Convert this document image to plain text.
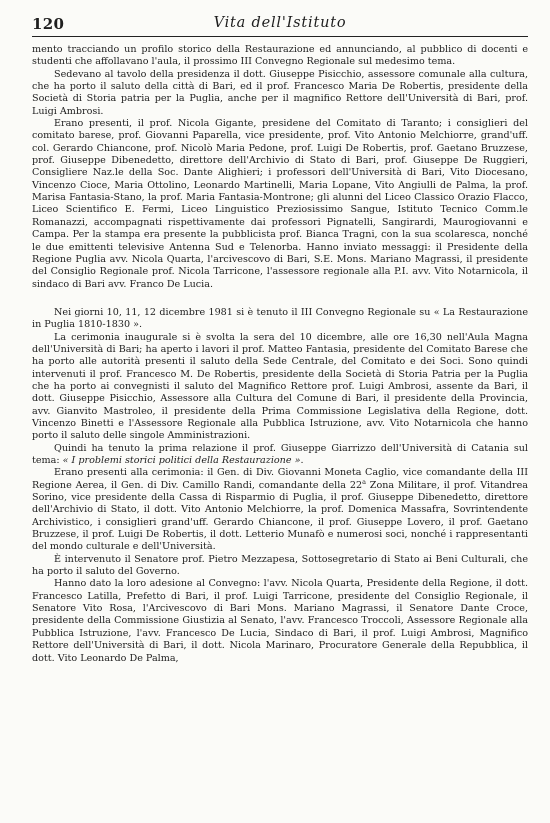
120	Vita dell'Istituto

mento tracciando un profilo storico della Restaurazione ed annunciando, al pubblico di docenti e studenti che affollavano l'aula, il prossimo III Convegno Regionale sul medesimo tema.

Sedevano al tavolo della presidenza il dott. Giuseppe Pisicchio, assessore comunale alla cultura, che ha porto il saluto della città di Bari, ed il prof. Francesco Maria De Robertis, presidente della Società di Storia patria per la Puglia, anche per il magnifico Rettore dell'Università di Bari, prof. Luigi Ambrosi.

Erano presenti, il prof. Nicola Gigante, presidene del Comitato di Taranto; i consiglieri del comitato barese, prof. Giovanni Paparella, vice presidente, prof. Vito Antonio Melchiorre, grand'uff. col. Gerardo Chiancone, prof. Nicolò Maria Pedone, prof. Luigi De Robertis, prof. Gaetano Bruzzese, prof. Giuseppe Dibenedetto, direttore dell'Archivio di Stato di Bari, prof. Giuseppe De Ruggieri, Consigliere Naz.le della Soc. Dante Alighieri; i professori dell'Università di Bari, Vito Diocesano, Vincenzo Cioce, Maria Ottolino, Leonardo Martinelli, Maria Lopane, Vito Angiulli de Palma, la prof. Marisa Fantasia-Stano, la prof. Maria Fantasia-Montrone; gli alunni del Liceo Classico Orazio Flacco, Liceo Scientifico E. Fermi, Liceo Linguistico Preziosissimo Sangue, Istituto Tecnico Comm.le Romanazzi, accompagnati rispettivamente dai professori Pignatelli, Sangirardi, Maurogiovanni e Campa. Per la stampa era presente la pubblicista prof. Bianca Tragni, con la sua scolaresca, nonché le due emittenti televisive Antenna Sud e Telenorba. Hanno inviato messaggi: il Presidente della Regione Puglia avv. Nicola Quarta, l'arcivescovo di Bari, S.E. Mons. Mariano Magrassi, il presidente del Consiglio Regionale prof. Nicola Tarricone, l'assessore regionale alla P.I. avv. Vito Notarnicola, il sindaco di Bari avv. Franco De Lucia.

Nei giorni 10, 11, 12 dicembre 1981 si è tenuto il III Convegno Regionale su « La Restaurazione in Puglia 1810-1830 ».

La cerimonia inaugurale si è svolta la sera del 10 dicembre, alle ore 16,30 nell'Aula Magna dell'Università di Bari; ha aperto i lavori il prof. Matteo Fantasia, presidente del Comitato Barese che ha porto alle autorità presenti il saluto della Sede Centrale, del Comitato e dei Soci. Sono quindi intervenuti il prof. Francesco M. De Robertis, presidente della Società di Storia Patria per la Puglia che ha porto ai convegnisti il saluto del Magnifico Rettore prof. Luigi Ambrosi, assente da Bari, il dott. Giuseppe Pisicchio, Assessore alla Cultura del Comune di Bari, il presidente della Provincia, avv. Gianvito Mastroleo, il presidente della Prima Commissione Legislativa della Regione, dott. Vincenzo Binetti e l'Assessore Regionale alla Pubblica Istruzione, avv. Vito Notarnicola che hanno porto il saluto delle singole Amministrazioni.

Quindi ha tenuto la prima relazione il prof. Giuseppe Giarrizzo dell'Università di Catania sul tema: « I problemi storici politici della Restaurazione ».

Erano presenti alla cerimonia: il Gen. di Div. Giovanni Moneta Caglio, vice comandante della III Regione Aerea, il Gen. di Div. Camillo Randi, comandante della 22$^a$ Zona Militare, il prof. Vitandrea Sorino, vice presidente della Cassa di Risparmio di Puglia, il prof. Giuseppe Dibenedetto, direttore dell'Archivio di Stato, il dott. Vito Antonio Melchiorre, la prof. Domenica Massafra, Sovrintendente Archivistico, i consiglieri grand'uff. Gerardo Chiancone, il prof. Giuseppe Lovero, il prof. Gaetano Bruzzese, il prof. Luigi De Robertis, il dott. Letterio Munafò e numerosi soci, nonché i rappresentanti del mondo culturale e dell'Università.

È intervenuto il Senatore prof. Pietro Mezzapesa, Sottosegretario di Stato ai Beni Culturali, che ha porto il saluto del Governo.

Hanno dato la loro adesione al Convegno: l'avv. Nicola Quarta, Presidente della Regione, il dott. Francesco Latilla, Prefetto di Bari, il prof. Luigi Tarricone, presidente del Consiglio Regionale, il Senatore Vito Rosa, l'Arcivescovo di Bari Mons. Mariano Magrassi, il Senatore Dante Croce, presidente della Commissione Giustizia al Senato, l'avv. Francesco Troccoli, Assessore Regionale alla Pubblica Istruzione, l'avv. Francesco De Lucia, Sindaco di Bari, il prof. Luigi Ambrosi, Magnifico Rettore dell'Università di Bari, il dott. Nicola Marinaro, Procuratore Generale della Repubblica, il dott. Vito Leonardo De Palma,
